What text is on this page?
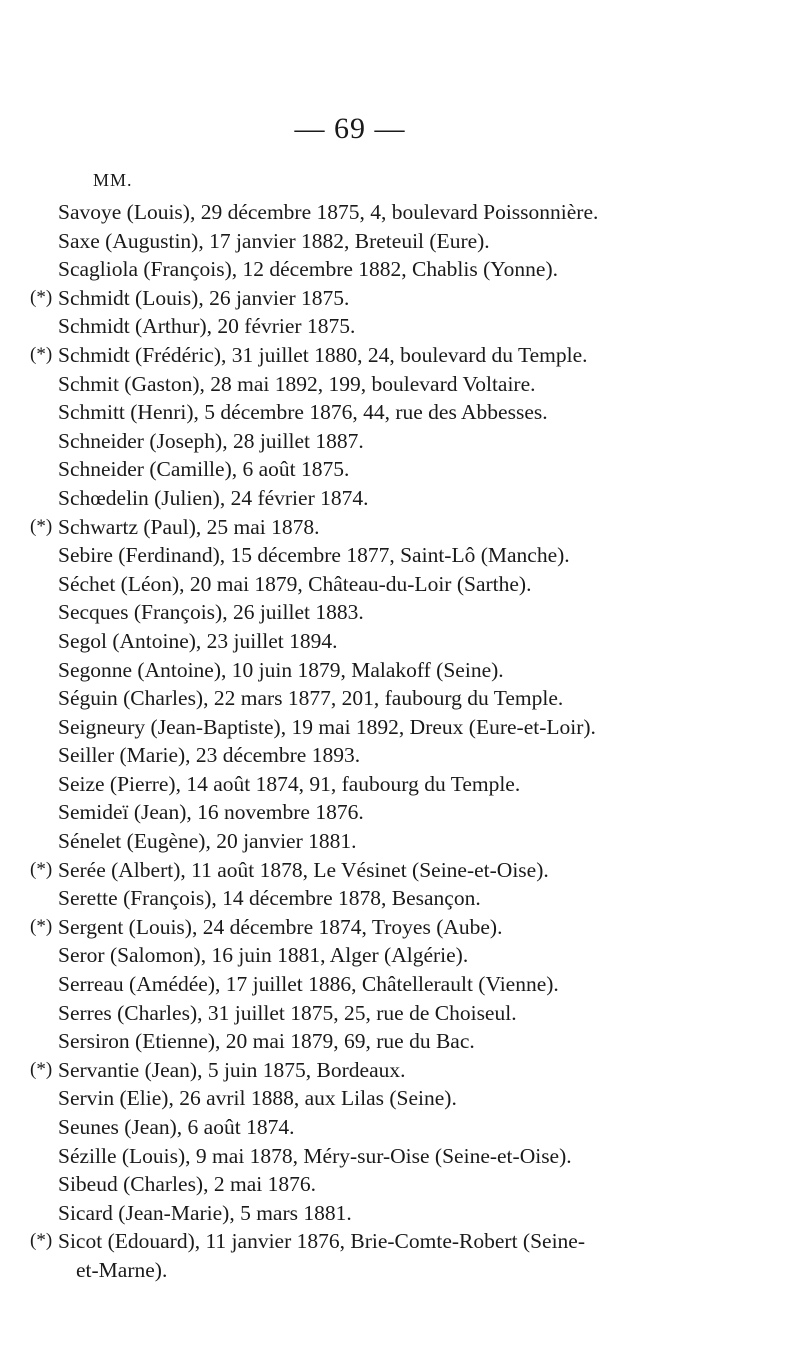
— 69 —
MM.
Savoye (Louis), 29 décembre 1875, 4, boulevard Poissonnière.
Saxe (Augustin), 17 janvier 1882, Breteuil (Eure).
Scagliola (François), 12 décembre 1882, Chablis (Yonne).
(*) Schmidt (Louis), 26 janvier 1875.
Schmidt (Arthur), 20 février 1875.
(*) Schmidt (Frédéric), 31 juillet 1880, 24, boulevard du Temple.
Schmit (Gaston), 28 mai 1892, 199, boulevard Voltaire.
Schmitt (Henri), 5 décembre 1876, 44, rue des Abbesses.
Schneider (Joseph), 28 juillet 1887.
Schneider (Camille), 6 août 1875.
Schœdelin (Julien), 24 février 1874.
(*) Schwartz (Paul), 25 mai 1878.
Sebire (Ferdinand), 15 décembre 1877, Saint-Lô (Manche).
Séchet (Léon), 20 mai 1879, Château-du-Loir (Sarthe).
Secques (François), 26 juillet 1883.
Segol (Antoine), 23 juillet 1894.
Segonne (Antoine), 10 juin 1879, Malakoff (Seine).
Séguin (Charles), 22 mars 1877, 201, faubourg du Temple.
Seigneury (Jean-Baptiste), 19 mai 1892, Dreux (Eure-et-Loir).
Seiller (Marie), 23 décembre 1893.
Seize (Pierre), 14 août 1874, 91, faubourg du Temple.
Semideï (Jean), 16 novembre 1876.
Sénelet (Eugène), 20 janvier 1881.
(*) Serée (Albert), 11 août 1878, Le Vésinet (Seine-et-Oise).
Serette (François), 14 décembre 1878, Besançon.
(*) Sergent (Louis), 24 décembre 1874, Troyes (Aube).
Seror (Salomon), 16 juin 1881, Alger (Algérie).
Serreau (Amédée), 17 juillet 1886, Châtellerault (Vienne).
Serres (Charles), 31 juillet 1875, 25, rue de Choiseul.
Sersiron (Etienne), 20 mai 1879, 69, rue du Bac.
(*) Servantie (Jean), 5 juin 1875, Bordeaux.
Servin (Elie), 26 avril 1888, aux Lilas (Seine).
Seunes (Jean), 6 août 1874.
Sézille (Louis), 9 mai 1878, Méry-sur-Oise (Seine-et-Oise).
Sibeud (Charles), 2 mai 1876.
Sicard (Jean-Marie), 5 mars 1881.
(*) Sicot (Edouard), 11 janvier 1876, Brie-Comte-Robert (Seine-
et-Marne).
